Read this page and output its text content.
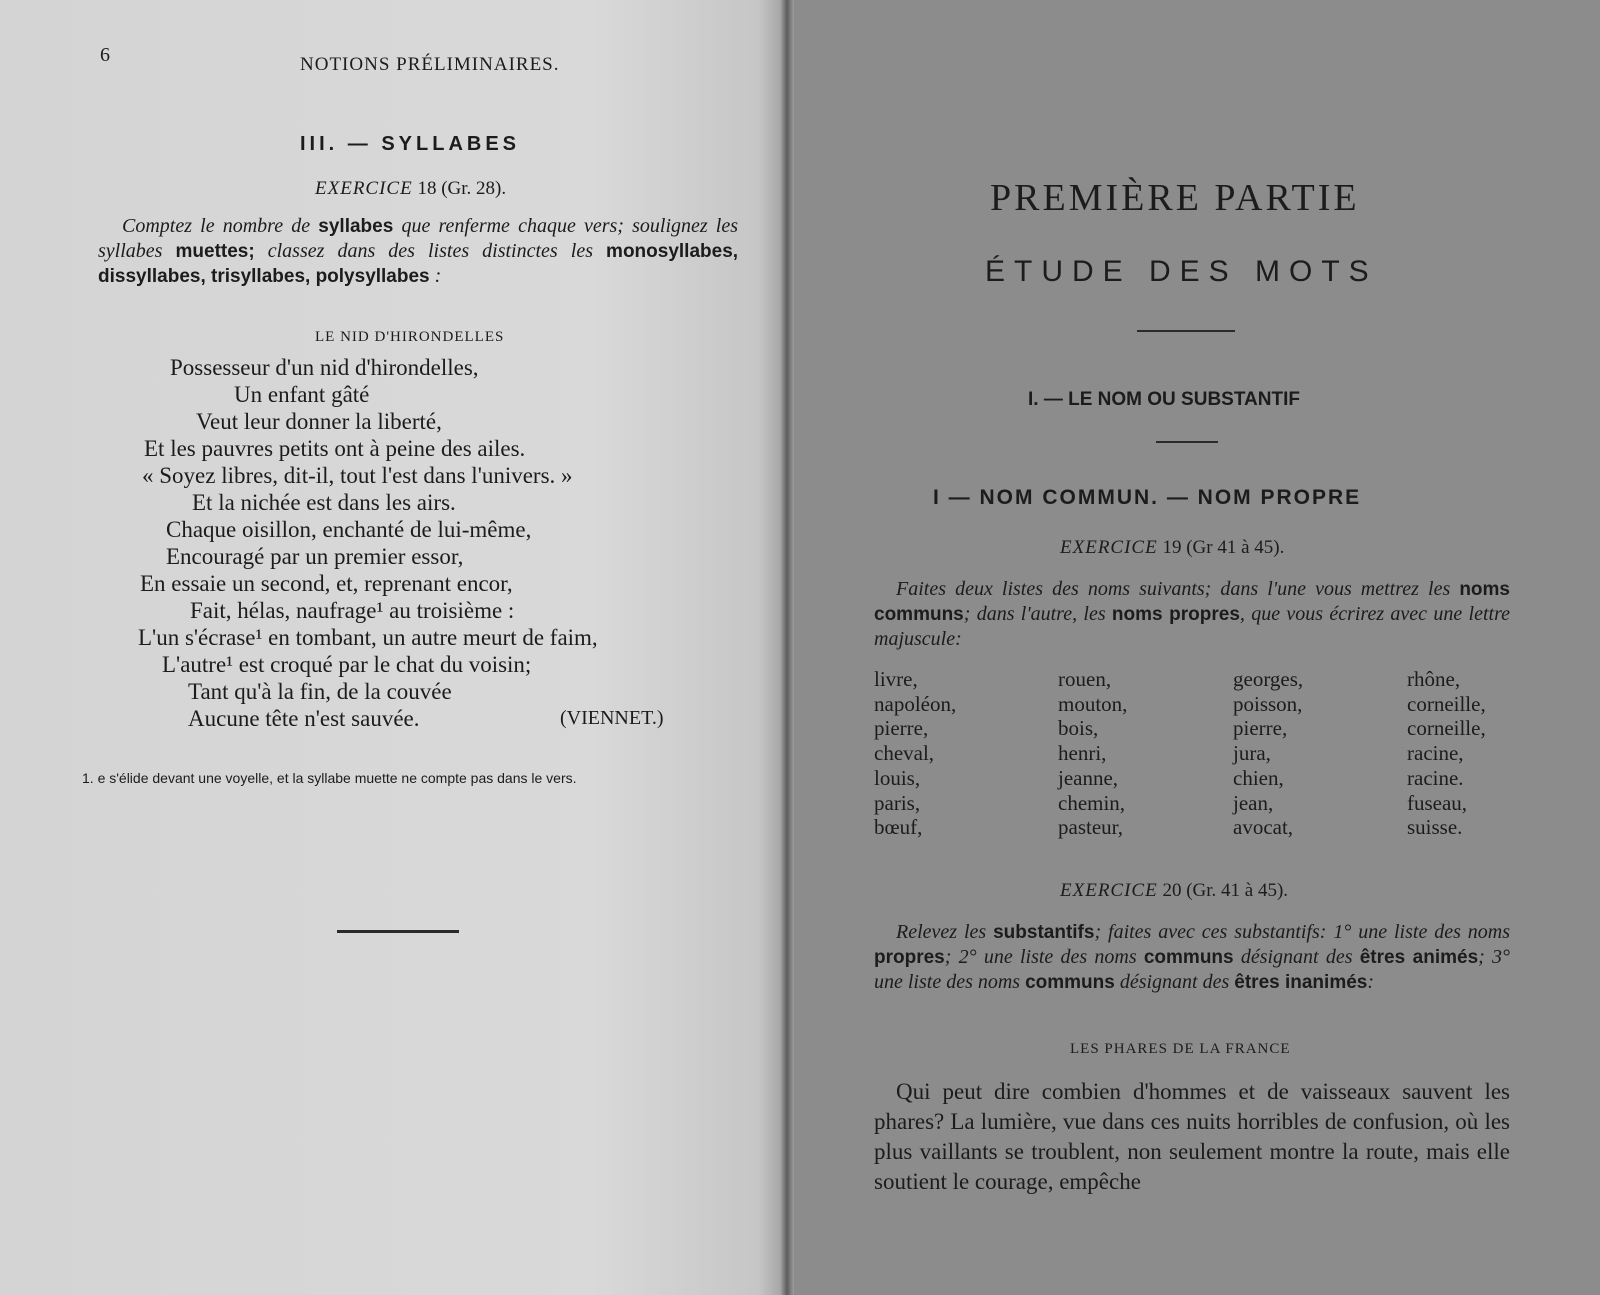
6	NOTIONS PRÉLIMINAIRES.
III. — SYLLABES
EXERCICE 18 (Gr. 28).
Comptez le nombre de syllabes que renferme chaque vers; soulignez les syllabes muettes; classez dans des listes distinctes les monosyllabes, dissyllabes, trisyllabes, polysyllabes :
LE NID D'HIRONDELLES
Possesseur d'un nid d'hirondelles,
Un enfant gâté
Veut leur donner la liberté,
Et les pauvres petits ont à peine des ailes.
« Soyez libres, dit-il, tout l'est dans l'univers. »
Et la nichée est dans les airs.
Chaque oisillon, enchanté de lui-même,
Encouragé par un premier essor,
En essaie un second, et, reprenant encor,
Fait, hélas, naufrage¹ au troisième :
L'un s'écrase¹ en tombant, un autre meurt de faim,
L'autre¹ est croqué par le chat du voisin;
Tant qu'à la fin, de la couvée
Aucune tête n'est sauvée.	(VIENNET.)
1. e s'élide devant une voyelle, et la syllabe muette ne compte pas dans le vers.
PREMIÈRE PARTIE
ÉTUDE DES MOTS
I. — LE NOM OU SUBSTANTIF
I — NOM COMMUN. — NOM PROPRE
EXERCICE 19 (Gr 41 à 45).
Faites deux listes des noms suivants; dans l'une vous mettrez les noms communs; dans l'autre, les noms propres, que vous écrirez avec une lettre majuscule:
livre,
napoléon,
pierre,
cheval,
louis,
paris,
bœuf,
rouen,
mouton,
bois,
henri,
jeanne,
chemin,
pasteur,
georges,
poisson,
pierre,
jura,
chien,
jean,
avocat,
rhône,
corneille,
corneille,
racine,
racine.
fuseau,
suisse.
EXERCICE 20 (Gr. 41 à 45).
Relevez les substantifs; faites avec ces substantifs: 1° une liste des noms propres; 2° une liste des noms communs désignant des êtres animés; 3° une liste des noms communs désignant des êtres inanimés:
LES PHARES DE LA FRANCE
Qui peut dire combien d'hommes et de vaisseaux sauvent les phares? La lumière, vue dans ces nuits horribles de confusion, où les plus vaillants se troublent, non seulement montre la route, mais elle soutient le courage, empêche
